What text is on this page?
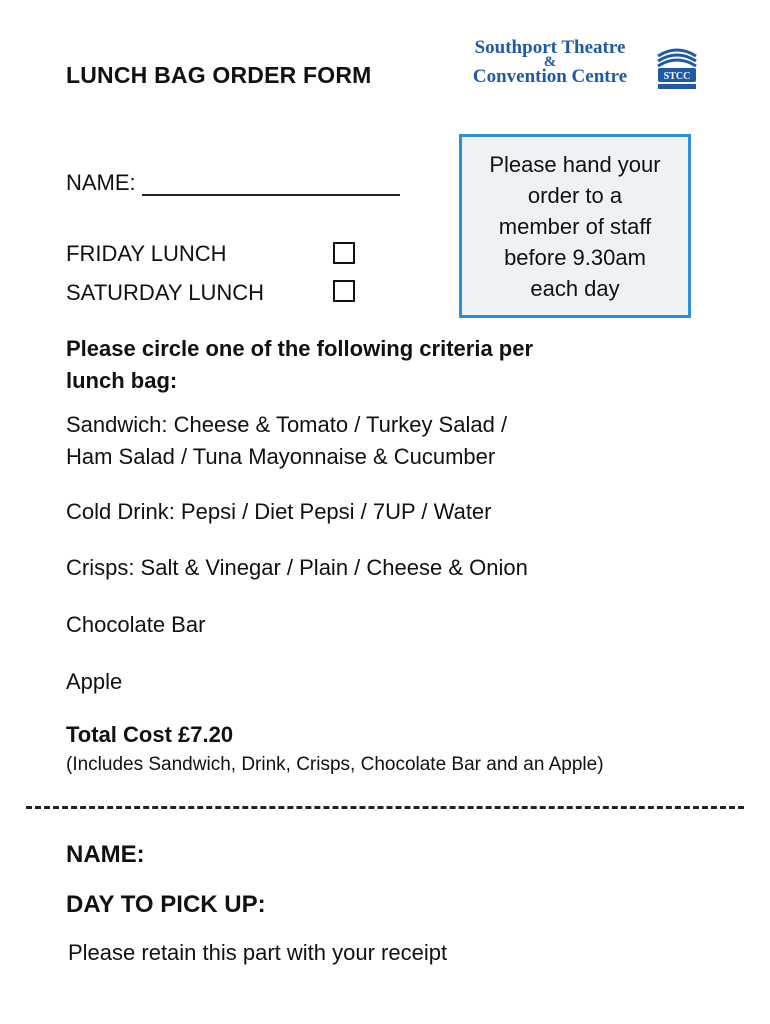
LUNCH BAG ORDER FORM
Southport Theatre
&
Convention Centre	STCC
NAME:
FRIDAY LUNCH
SATURDAY LUNCH
Please hand your
order to a
member of staff
before 9.30am
each day
Please circle one of the following criteria per
lunch bag:
Sandwich: Cheese & Tomato / Turkey Salad /
Ham Salad / Tuna Mayonnaise & Cucumber
Cold Drink: Pepsi / Diet Pepsi / 7UP / Water
Crisps: Salt & Vinegar / Plain / Cheese & Onion
Chocolate Bar
Apple
Total Cost £7.20
(Includes Sandwich, Drink, Crisps, Chocolate Bar and an Apple)
NAME:
DAY TO PICK UP:
Please retain this part with your receipt
